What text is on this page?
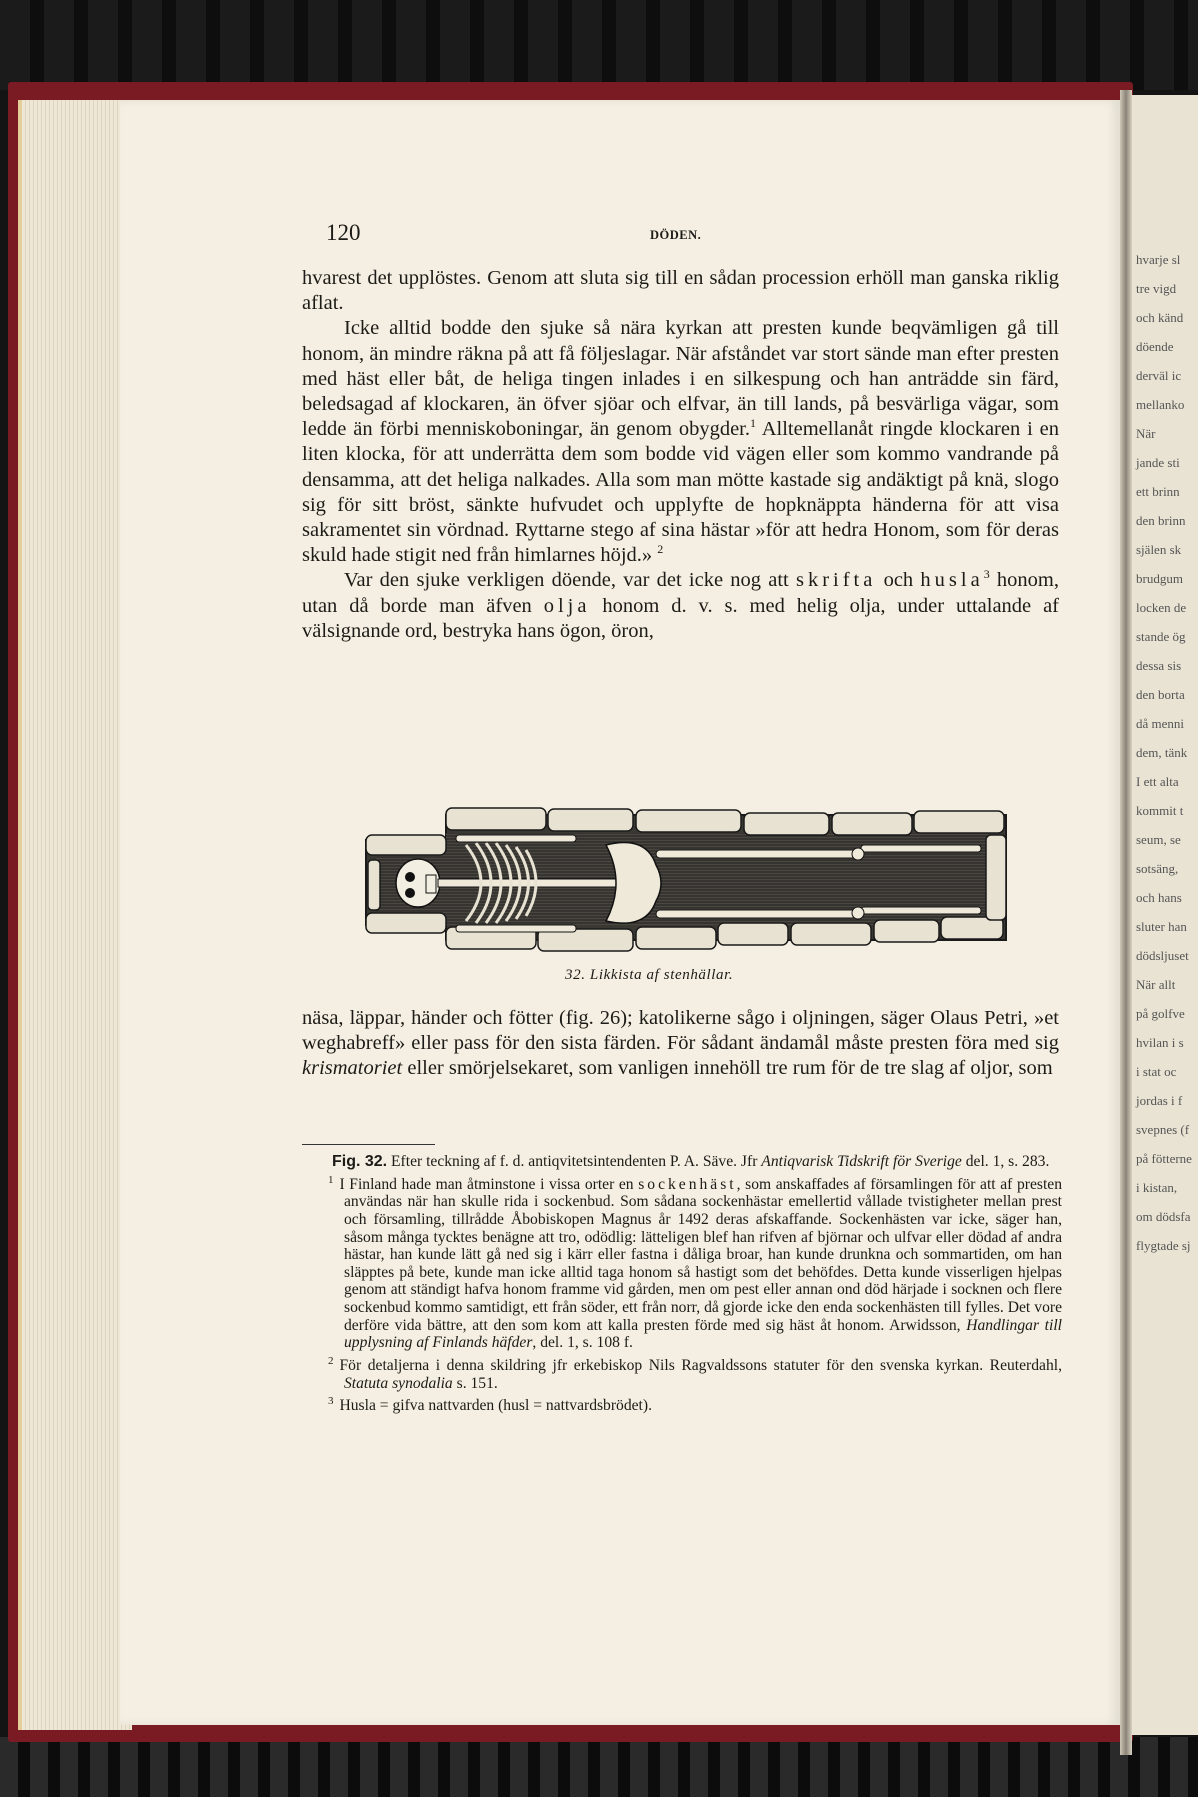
hvarje sl
tre vigd
och känd
döende
derväl ic
mellanko
När
jande sti
ett brinn
den brinn
själen sk
brudgum
locken de
stande ög
dessa sis
den borta
då menni
dem, tänk
I ett alta
kommit t
seum, se
sotsäng,
och hans
sluter han
dödsljuset
När allt
på golfve
hvilan i s
i stat oc
jordas i f
svepnes (f
på fötterne
i kistan,
om dödsfa
flygtade sj
120	DÖDEN.

hvarest det upplöstes. Genom att sluta sig till en sådan procession erhöll man ganska riklig aflat.

Icke alltid bodde den sjuke så nära kyrkan att presten kunde beqvämligen gå till honom, än mindre räkna på att få följeslagar. När afståndet var stort sände man efter presten med häst eller båt, de heliga tingen inlades i en silkespung och han anträdde sin färd, beledsagad af klockaren, än öfver sjöar och elfvar, än till lands, på besvärliga vägar, som ledde än förbi menniskoboningar, än genom obygder.$^1$ Alltemellanåt ringde klockaren i en liten klocka, för att underrätta dem som bodde vid vägen eller som kommo vandrande på densamma, att det heliga nalkades. Alla som man mötte kastade sig andäktigt på knä, slogo sig för sitt bröst, sänkte hufvudet och upplyfte de hopknäppta händerna för att visa sakramentet sin vördnad. Ryttarne stego af sina hästar »för att hedra Honom, som för deras skuld hade stigit ned från himlarnes höjd.» $^2$

Var den sjuke verkligen döende, var det icke nog att skrifta och husla$^3$ honom, utan då borde man äfven olja honom d. v. s. med helig olja, under uttalande af välsignande ord, bestryka hans ögon, öron,

32. Likkista af stenhällar.

näsa, läppar, händer och fötter (fig. 26); katolikerne sågo i oljningen, säger Olaus Petri, »et weghabreff» eller pass för den sista färden. För sådant ändamål måste presten föra med sig krismatoriet eller smörjelsekaret, som vanligen innehöll tre rum för de tre slag af oljor, som

Fig. 32. Efter teckning af f. d. antiqvitetsintendenten P. A. Säve. Jfr Antiqvarisk Tidskrift för Sverige del. 1, s. 283.

$^1$ I Finland hade man åtminstone i vissa orter en sockenhäst, som anskaffades af församlingen för att af presten användas när han skulle rida i sockenbud. Som sådana sockenhästar emellertid vållade tvistigheter mellan prest och församling, tillrådde Åbobiskopen Magnus år 1492 deras afskaffande. Sockenhästen var icke, säger han, såsom många tycktes benägne att tro, odödlig: lätteligen blef han rifven af björnar och ulfvar eller dödad af andra hästar, han kunde lätt gå ned sig i kärr eller fastna i dåliga broar, han kunde drunkna och sommartiden, om han släpptes på bete, kunde man icke alltid taga honom så hastigt som det behöfdes. Detta kunde visserligen hjelpas genom att ständigt hafva honom framme vid gården, men om pest eller annan ond död härjade i socknen och flere sockenbud kommo samtidigt, ett från söder, ett från norr, då gjorde icke den enda sockenhästen till fylles. Det vore derföre vida bättre, att den som kom att kalla presten förde med sig häst åt honom. Arwidsson, Handlingar till upplysning af Finlands häfder, del. 1, s. 108 f.

$^2$ För detaljerna i denna skildring jfr erkebiskop Nils Ragvaldssons statuter för den svenska kyrkan. Reuterdahl, Statuta synodalia s. 151.

$^3$ Husla = gifva nattvarden (husl = nattvardsbrödet).
